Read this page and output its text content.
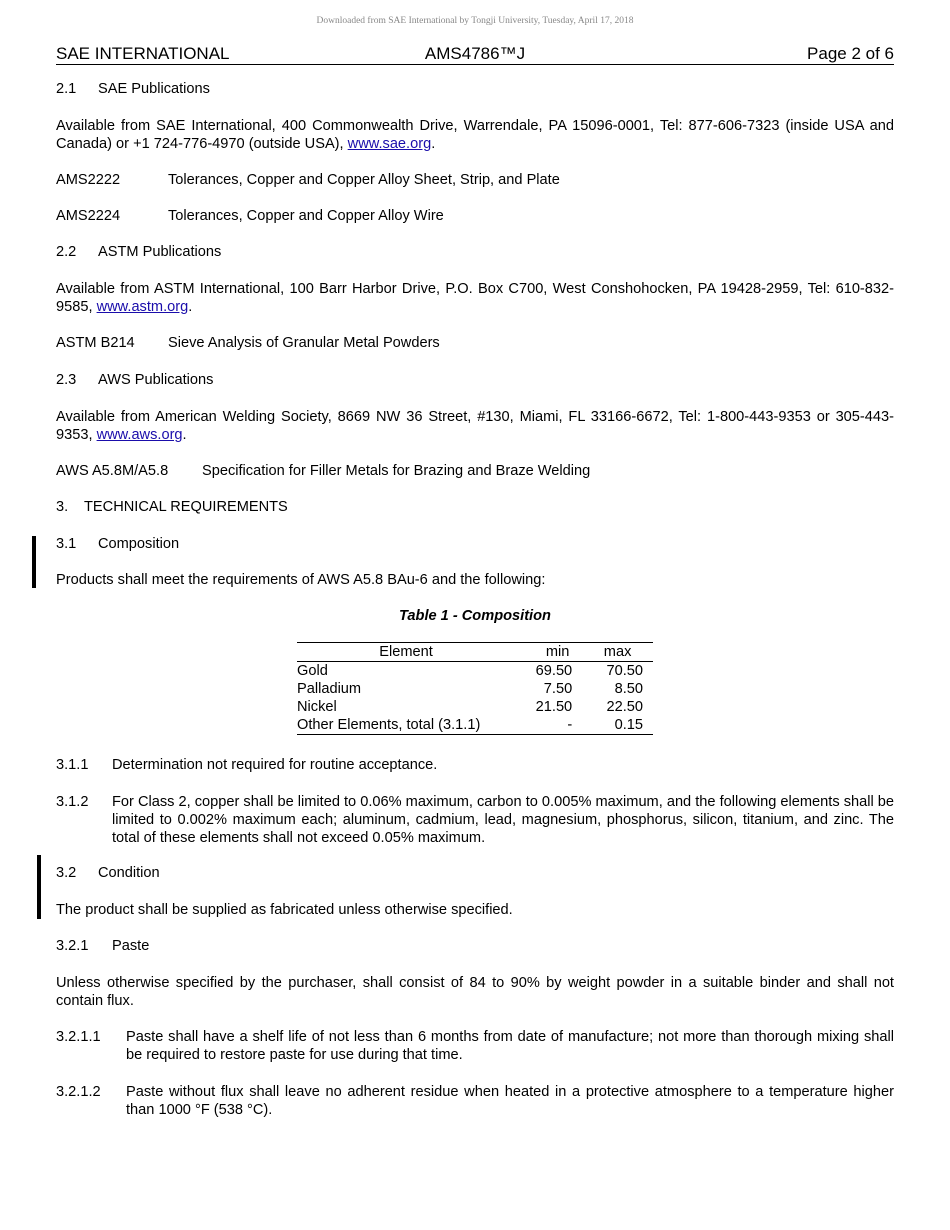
Downloaded from SAE International by Tongji University, Tuesday, April 17, 2018
SAE INTERNATIONAL	AMS4786™J	Page 2 of 6
2.1 SAE Publications
Available from SAE International, 400 Commonwealth Drive, Warrendale, PA 15096-0001, Tel: 877-606-7323 (inside USA and Canada) or +1 724-776-4970 (outside USA), www.sae.org.
AMS2222	Tolerances, Copper and Copper Alloy Sheet, Strip, and Plate
AMS2224	Tolerances, Copper and Copper Alloy Wire
2.2 ASTM Publications
Available from ASTM International, 100 Barr Harbor Drive, P.O. Box C700, West Conshohocken, PA 19428-2959, Tel: 610-832-9585, www.astm.org.
ASTM B214 Sieve Analysis of Granular Metal Powders
2.3 AWS Publications
Available from American Welding Society, 8669 NW 36 Street, #130, Miami, FL 33166-6672, Tel: 1-800-443-9353 or 305-443-9353, www.aws.org.
AWS A5.8M/A5.8 Specification for Filler Metals for Brazing and Braze Welding
3. TECHNICAL REQUIREMENTS
3.1 Composition
Products shall meet the requirements of AWS A5.8 BAu-6 and the following:
Table 1 - Composition
Element	min	max
Gold	69.50	70.50
Palladium	7.50	8.50
Nickel	21.50	22.50
Other Elements, total (3.1.1)	-	0.15
3.1.1 Determination not required for routine acceptance.
3.1.2	For Class 2, copper shall be limited to 0.06% maximum, carbon to 0.005% maximum, and the following elements shall be limited to 0.002% maximum each; aluminum, cadmium, lead, magnesium, phosphorus, silicon, titanium, and zinc. The total of these elements shall not exceed 0.05% maximum.
3.2 Condition
The product shall be supplied as fabricated unless otherwise specified.
3.2.1 Paste
Unless otherwise specified by the purchaser, shall consist of 84 to 90% by weight powder in a suitable binder and shall not contain flux.
3.2.1.1	Paste shall have a shelf life of not less than 6 months from date of manufacture; not more than thorough mixing shall be required to restore paste for use during that time.
3.2.1.2	Paste without flux shall leave no adherent residue when heated in a protective atmosphere to a temperature higher than 1000 °F (538 °C).
